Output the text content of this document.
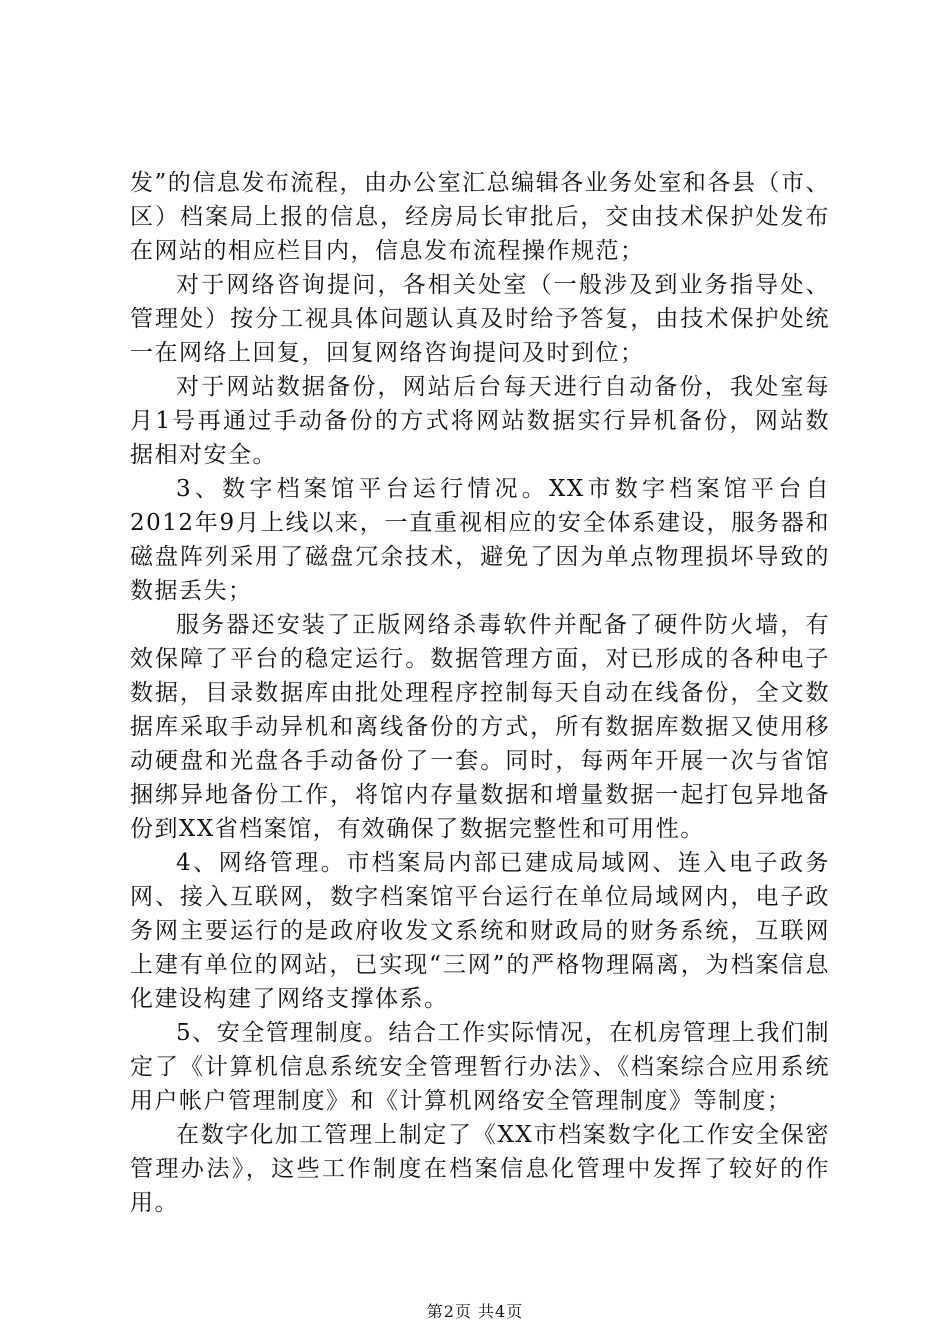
发”的信息发布流程，由办公室汇总编辑各业务处室和各县（市、区）档案局上报的信息，经房局长审批后，交由技术保护处发布在网站的相应栏目内，信息发布流程操作规范；

对于网络咨询提问，各相关处室（一般涉及到业务指导处、管理处）按分工视具体问题认真及时给予答复，由技术保护处统一在网络上回复，回复网络咨询提问及时到位；

对于网站数据备份，网站后台每天进行自动备份，我处室每月1号再通过手动备份的方式将网站数据实行异机备份，网站数据相对安全。

3、数字档案馆平台运行情况。XX市数字档案馆平台自2012年9月上线以来，一直重视相应的安全体系建设，服务器和磁盘阵列采用了磁盘冗余技术，避免了因为单点物理损坏导致的数据丢失；

服务器还安装了正版网络杀毒软件并配备了硬件防火墙，有效保障了平台的稳定运行。数据管理方面，对已形成的各种电子数据，目录数据库由批处理程序控制每天自动在线备份，全文数据库采取手动异机和离线备份的方式，所有数据库数据又使用移动硬盘和光盘各手动备份了一套。同时，每两年开展一次与省馆捆绑异地备份工作，将馆内存量数据和增量数据一起打包异地备份到XX省档案馆，有效确保了数据完整性和可用性。

4、网络管理。市档案局内部已建成局域网、连入电子政务网、接入互联网，数字档案馆平台运行在单位局域网内，电子政务网主要运行的是政府收发文系统和财政局的财务系统，互联网上建有单位的网站，已实现“三网”的严格物理隔离，为档案信息化建设构建了网络支撑体系。

5、安全管理制度。结合工作实际情况，在机房管理上我们制定了《计算机信息系统安全管理暂行办法》、《档案综合应用系统用户帐户管理制度》和《计算机网络安全管理制度》等制度；

在数字化加工管理上制定了《XX市档案数字化工作安全保密管理办法》，这些工作制度在档案信息化管理中发挥了较好的作用。

第2页 共4页
